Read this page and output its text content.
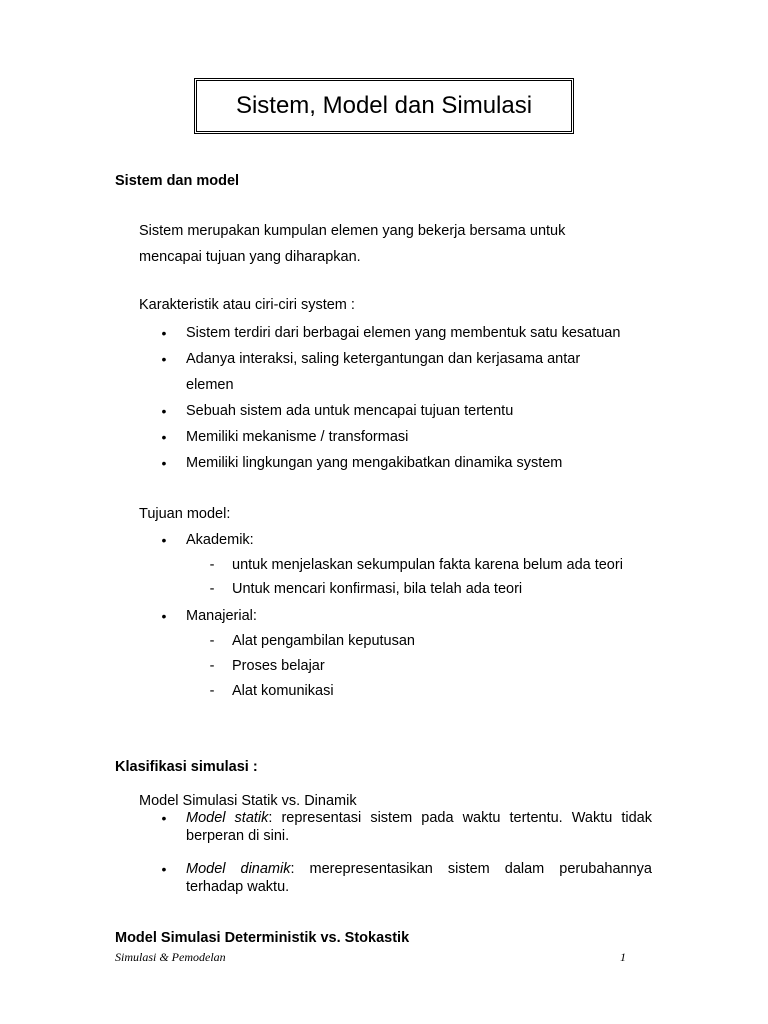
Sistem, Model dan Simulasi
Sistem dan model
Sistem merupakan kumpulan elemen yang bekerja bersama untuk
mencapai tujuan yang diharapkan.
Karakteristik atau ciri-ciri system :
• Sistem terdiri dari berbagai elemen yang membentuk satu kesatuan
• Adanya interaksi, saling ketergantungan dan kerjasama antar
elemen
• Sebuah sistem ada untuk mencapai tujuan tertentu
• Memiliki mekanisme / transformasi
• Memiliki lingkungan yang mengakibatkan dinamika system
Tujuan model:
• Akademik:
- untuk menjelaskan sekumpulan fakta karena belum ada teori
- Untuk mencari konfirmasi, bila telah ada teori
• Manajerial:
- Alat pengambilan keputusan
- Proses belajar
- Alat komunikasi
Klasifikasi simulasi :
Model Simulasi Statik vs. Dinamik
• Model statik: representasi sistem pada waktu tertentu. Waktu tidak
berperan di sini.
• Model dinamik: merepresentasikan sistem dalam perubahannya
terhadap waktu.
Model Simulasi Deterministik vs. Stokastik
Simulasi & Pemodelan	1
